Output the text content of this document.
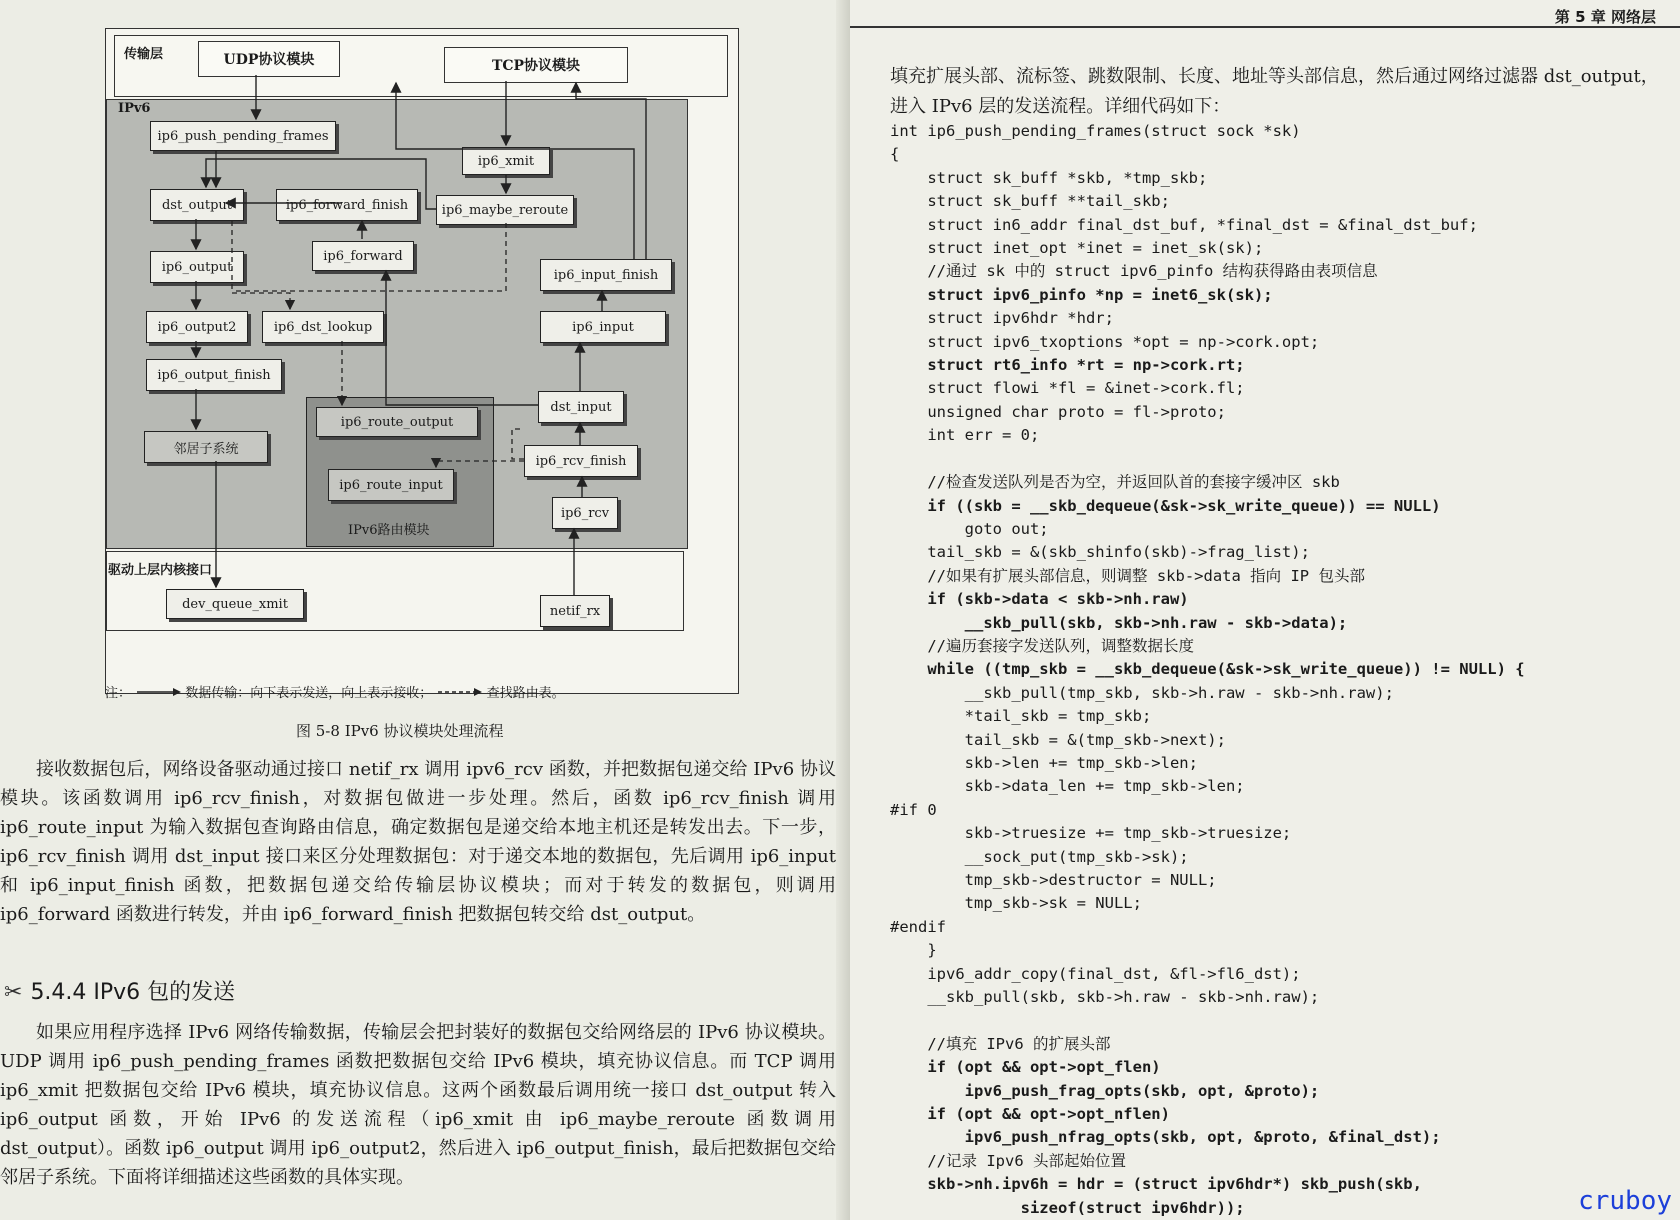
传输层
IPv6
驱动上层内核接口
IPv6路由模块
UDP协议模块	TCP协议模块
ip6_push_pending_frames
ip6_xmit
ip6_maybe_reroute
dst_output	ip6_forward_finish
ip6_forward
ip6_output
ip6_input_finish
ip6_output2	ip6_dst_lookup	ip6_input
ip6_output_finish
dst_input
ip6_route_output
邻居子系统
ip6_rcv_finish
ip6_route_input
ip6_rcv
dev_queue_xmit	netif_rx
注：	数据传输：向下表示发送，向上表示接收；	查找路由表。
图 5-8 IPv6 协议模块处理流程

接收数据包后，网络设备驱动通过接口 netif_rx 调用 ipv6_rcv 函数，并把数据包递交给 IPv6 协议模块。该函数调用 ip6_rcv_finish，对数据包做进一步处理。然后，函数 ip6_rcv_finish 调用 ip6_route_input 为输入数据包查询路由信息，确定数据包是递交给本地主机还是转发出去。下一步，ip6_rcv_finish 调用 dst_input 接口来区分处理数据包：对于递交本地的数据包，先后调用 ip6_input 和 ip6_input_finish 函数，把数据包递交给传输层协议模块；而对于转发的数据包，则调用 ip6_forward 函数进行转发，并由 ip6_forward_finish 把数据包转交给 dst_output。

✂ 5.4.4 IPv6 包的发送

如果应用程序选择 IPv6 网络传输数据，传输层会把封装好的数据包交给网络层的 IPv6 协议模块。UDP 调用 ip6_push_pending_frames 函数把数据包交给 IPv6 模块，填充协议信息。而 TCP 调用 ip6_xmit 把数据包交给 IPv6 模块，填充协议信息。这两个函数最后调用统一接口 dst_output 转入 ip6_output 函数，开始 IPv6 的发送流程（ip6_xmit 由 ip6_maybe_reroute 函数调用 dst_output）。函数 ip6_output 调用 ip6_output2，然后进入 ip6_output_finish，最后把数据包交给邻居子系统。下面将详细描述这些函数的具体实现。

第 5 章 网络层
填充扩展头部、流标签、跳数限制、长度、地址等头部信息，然后通过网络过滤器 dst_output，进入 IPv6 层的发送流程。详细代码如下：
int ip6_push_pending_frames(struct sock *sk)
{
struct sk_buff *skb, *tmp_skb;
struct sk_buff **tail_skb;
struct in6_addr final_dst_buf, *final_dst = &final_dst_buf;
struct inet_opt *inet = inet_sk(sk);
//通过 sk 中的 struct ipv6_pinfo 结构获得路由表项信息
struct ipv6_pinfo *np = inet6_sk(sk);
struct ipv6hdr *hdr;
struct ipv6_txoptions *opt = np->cork.opt;
struct rt6_info *rt = np->cork.rt;
struct flowi *fl = &inet->cork.fl;
unsigned char proto = fl->proto;
int err = 0;

//检查发送队列是否为空，并返回队首的套接字缓冲区 skb
if ((skb = __skb_dequeue(&sk->sk_write_queue)) == NULL)
goto out;
tail_skb = &(skb_shinfo(skb)->frag_list);
//如果有扩展头部信息，则调整 skb->data 指向 IP 包头部
if (skb->data < skb->nh.raw)
__skb_pull(skb, skb->nh.raw - skb->data);
//遍历套接字发送队列，调整数据长度
while ((tmp_skb = __skb_dequeue(&sk->sk_write_queue)) != NULL) {
__skb_pull(tmp_skb, skb->h.raw - skb->nh.raw);
*tail_skb = tmp_skb;
tail_skb = &(tmp_skb->next);
skb->len += tmp_skb->len;
skb->data_len += tmp_skb->len;
#if 0
skb->truesize += tmp_skb->truesize;
__sock_put(tmp_skb->sk);
tmp_skb->destructor = NULL;
tmp_skb->sk = NULL;
#endif
}
ipv6_addr_copy(final_dst, &fl->fl6_dst);
__skb_pull(skb, skb->h.raw - skb->nh.raw);

//填充 IPv6 的扩展头部
if (opt && opt->opt_flen)
ipv6_push_frag_opts(skb, opt, &proto);
if (opt && opt->opt_nflen)
ipv6_push_nfrag_opts(skb, opt, &proto, &final_dst);
//记录 Ipv6 头部起始位置
skb->nh.ipv6h = hdr = (struct ipv6hdr*) skb_push(skb,
sizeof(struct ipv6hdr));	cruboy
